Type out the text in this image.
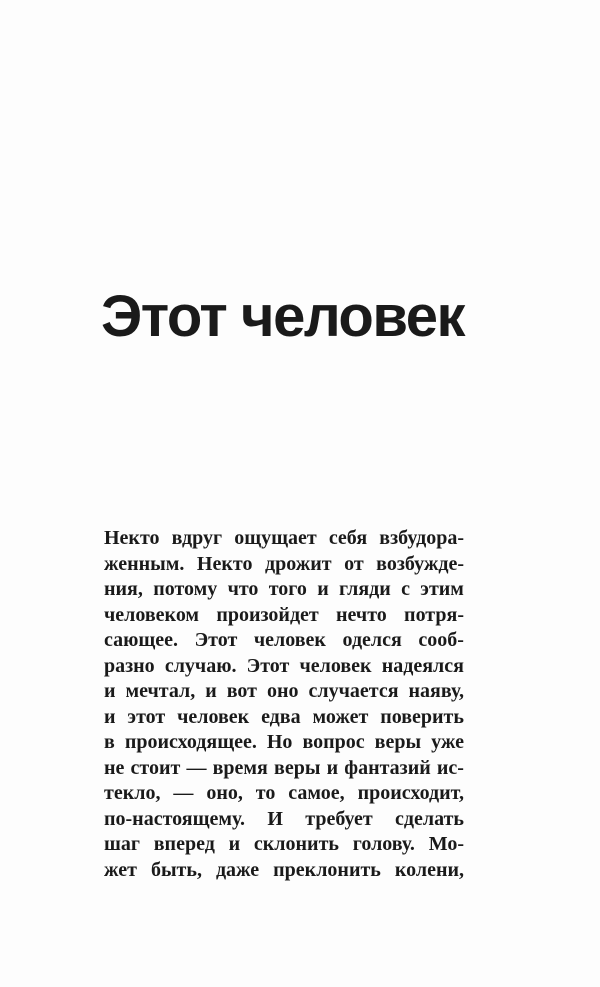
Этот человек
Некто вдруг ощущает себя взбудора-
женным. Некто дрожит от возбужде-
ния, потому что того и гляди с этим
человеком произойдет нечто потря-
сающее. Этот человек оделся сооб-
разно случаю. Этот человек надеялся
и мечтал, и вот оно случается наяву,
и этот человек едва может поверить
в происходящее. Но вопрос веры уже
не стоит — время веры и фантазий ис-
текло, — оно, то самое, происходит,
по-настоящему. И требует сделать
шаг вперед и склонить голову. Мо-
жет быть, даже преклонить колени,
